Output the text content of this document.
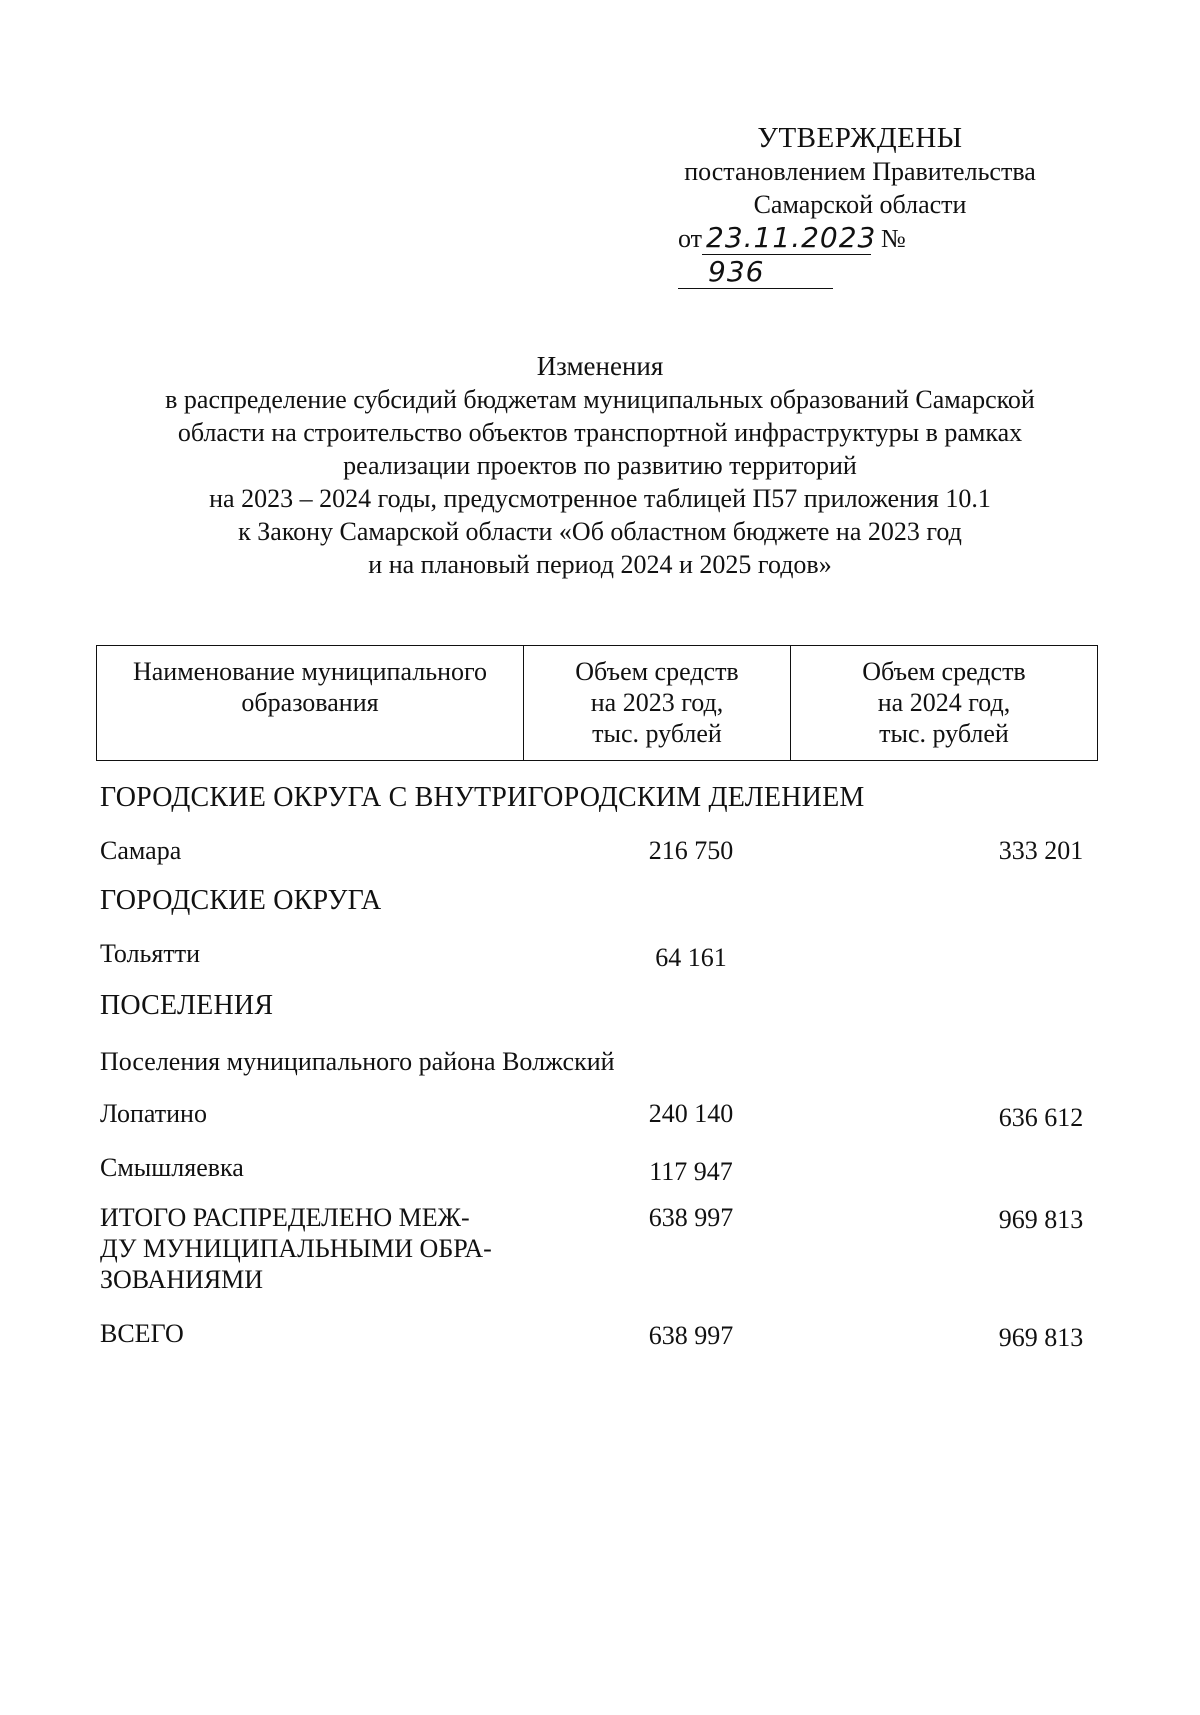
УТВЕРЖДЕНЫ
постановлением Правительства
Самарской области
от 23.11.2023 №936
Изменения
в распределение субсидий бюджетам муниципальных образований Самарской
области на строительство объектов транспортной инфраструктуры в рамках
реализации проектов по развитию территорий
на 2023 – 2024 годы, предусмотренное таблицей П57 приложения 10.1
к Закону Самарской области «Об областном бюджете на 2023 год
и на плановый период 2024 и 2025 годов»
Наименование муниципального
образования

Объем средств
на 2023 год,
тыс. рублей

Объем средств
на 2024 год,
тыс. рублей
ГОРОДСКИЕ ОКРУГА С ВНУТРИГОРОДСКИМ ДЕЛЕНИЕМ
Самара	216 750	333 201
ГОРОДСКИЕ ОКРУГА
Тольятти	64 161
ПОСЕЛЕНИЯ
Поселения муниципального района Волжский
Лопатино	240 140	636 612
Смышляевка	117 947
ИТОГО РАСПРЕДЕЛЕНО МЕЖ-
ДУ МУНИЦИПАЛЬНЫМИ ОБРА-
ЗОВАНИЯМИ
638 997	969 813
ВСЕГО	638 997	969 813
